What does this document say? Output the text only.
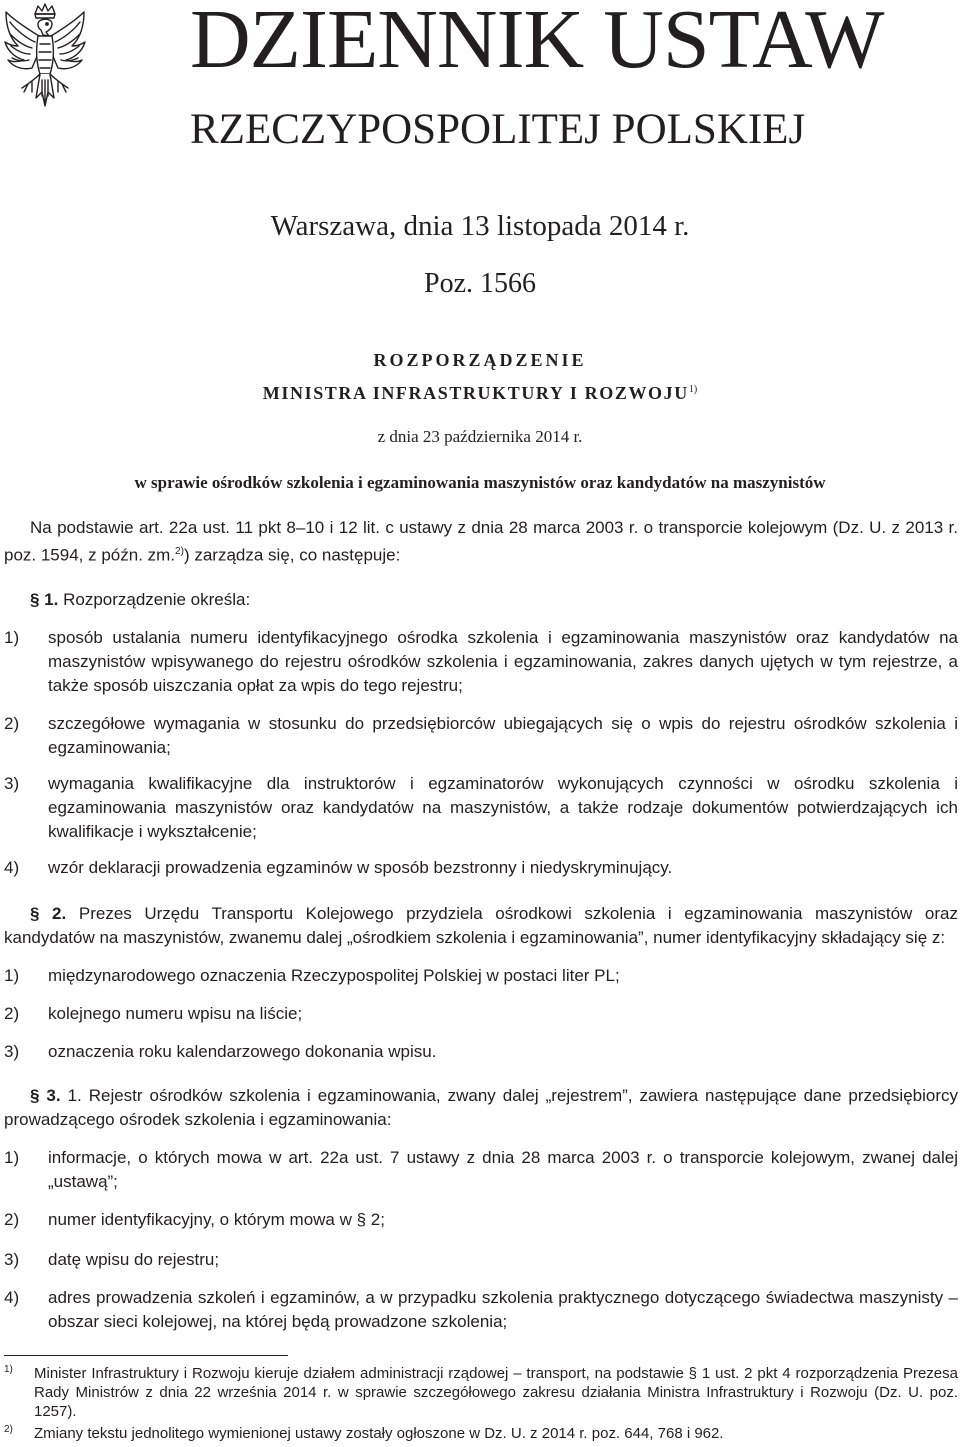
DZIENNIK USTAW
RZECZYPOSPOLITEJ POLSKIEJ
Warszawa, dnia 13 listopada 2014 r.
Poz. 1566
ROZPORZĄDZENIE
MINISTRA INFRASTRUKTURY I ROZWOJU$^{1)}$
z dnia 23 października 2014 r.
w sprawie ośrodków szkolenia i egzaminowania maszynistów oraz kandydatów na maszynistów
Na podstawie art. 22a ust. 11 pkt 8–10 i 12 lit. c ustawy z dnia 28 marca 2003 r. o transporcie kolejowym (Dz. U. z 2013 r. poz. 1594, z późn. zm.$^{2)}$) zarządza się, co następuje:
§ 1. Rozporządzenie określa:
1)	sposób ustalania numeru identyfikacyjnego ośrodka szkolenia i egzaminowania maszynistów oraz kandydatów na maszynistów wpisywanego do rejestru ośrodków szkolenia i egzaminowania, zakres danych ujętych w tym rejestrze, a także sposób uiszczania opłat za wpis do tego rejestru;
2)	szczegółowe wymagania w stosunku do przedsiębiorców ubiegających się o wpis do rejestru ośrodków szkolenia i egzaminowania;
3)	wymagania kwalifikacyjne dla instruktorów i egzaminatorów wykonujących czynności w ośrodku szkolenia i egzaminowania maszynistów oraz kandydatów na maszynistów, a także rodzaje dokumentów potwierdzających ich kwalifikacje i wykształcenie;
4)	wzór deklaracji prowadzenia egzaminów w sposób bezstronny i niedyskryminujący.
§ 2. Prezes Urzędu Transportu Kolejowego przydziela ośrodkowi szkolenia i egzaminowania maszynistów oraz kandydatów na maszynistów, zwanemu dalej „ośrodkiem szkolenia i egzaminowania”, numer identyfikacyjny składający się z:
1)	międzynarodowego oznaczenia Rzeczypospolitej Polskiej w postaci liter PL;
2)	kolejnego numeru wpisu na liście;
3)	oznaczenia roku kalendarzowego dokonania wpisu.
§ 3. 1. Rejestr ośrodków szkolenia i egzaminowania, zwany dalej „rejestrem”, zawiera następujące dane przedsiębiorcy prowadzącego ośrodek szkolenia i egzaminowania:
1)	informacje, o których mowa w art. 22a ust. 7 ustawy z dnia 28 marca 2003 r. o transporcie kolejowym, zwanej dalej „ustawą”;
2)	numer identyfikacyjny, o którym mowa w § 2;
3)	datę wpisu do rejestru;
4)	adres prowadzenia szkoleń i egzaminów, a w przypadku szkolenia praktycznego dotyczącego świadectwa maszynisty – obszar sieci kolejowej, na której będą prowadzone szkolenia;
1) Minister Infrastruktury i Rozwoju kieruje działem administracji rządowej – transport, na podstawie § 1 ust. 2 pkt 4 rozporządzenia Prezesa Rady Ministrów z dnia 22 września 2014 r. w sprawie szczegółowego zakresu działania Ministra Infrastruktury i Rozwoju (Dz. U. poz. 1257).
2) Zmiany tekstu jednolitego wymienionej ustawy zostały ogłoszone w Dz. U. z 2014 r. poz. 644, 768 i 962.
